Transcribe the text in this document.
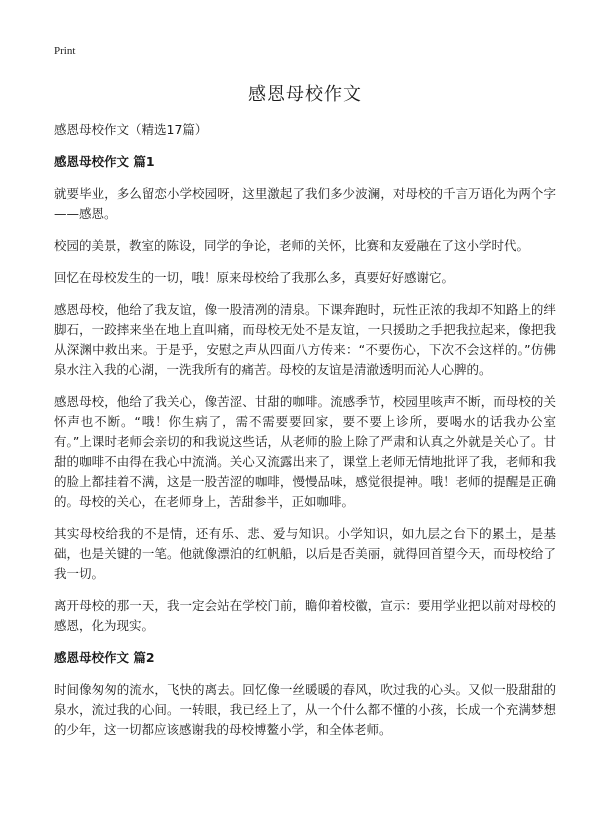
Print
感恩母校作文
感恩母校作文（精选17篇）
感恩母校作文 篇1

就要毕业，多么留恋小学校园呀，这里激起了我们多少波澜，对母校的千言万语化为两个字——感恩。

校园的美景，教室的陈设，同学的争论，老师的关怀，比赛和友爱融在了这小学时代。

回忆在母校发生的一切，哦！原来母校给了我那么多，真要好好感谢它。

感恩母校，他给了我友谊，像一股清冽的清泉。下课奔跑时，玩性正浓的我却不知路上的绊脚石，一跤摔来坐在地上直叫痛，而母校无处不是友谊，一只援助之手把我拉起来，像把我从深渊中救出来。于是乎，安慰之声从四面八方传来：“不要伤心，下次不会这样的。”仿佛泉水注入我的心湖，一洗我所有的痛苦。母校的友谊是清澈透明而沁人心脾的。

感恩母校，他给了我关心，像苦涩、甘甜的咖啡。流感季节，校园里咳声不断，而母校的关怀声也不断。“哦！你生病了，需不需要要回家，要不要上诊所，要喝水的话我办公室有。”上课时老师会亲切的和我说这些话，从老师的脸上除了严肃和认真之外就是关心了。甘甜的咖啡不由得在我心中流淌。关心又流露出来了，课堂上老师无情地批评了我，老师和我的脸上都挂着不满，这是一股苦涩的咖啡，慢慢品味，感觉很提神。哦！老师的提醒是正确的。母校的关心，在老师身上，苦甜参半，正如咖啡。

其实母校给我的不是情，还有乐、悲、爱与知识。小学知识，如九层之台下的累土，是基础，也是关键的一笔。他就像漂泊的红帆船，以后是否美丽，就得回首望今天，而母校给了我一切。

离开母校的那一天，我一定会站在学校门前，瞻仰着校徽，宣示：要用学业把以前对母校的感恩，化为现实。

感恩母校作文 篇2

时间像匆匆的流水，飞快的离去。回忆像一丝暖暖的春风，吹过我的心头。又似一股甜甜的泉水，流过我的心间。一转眼，我已经上了，从一个什么都不懂的小孩，长成一个充满梦想的少年，这一切都应该感谢我的母校博鳌小学，和全体老师。
